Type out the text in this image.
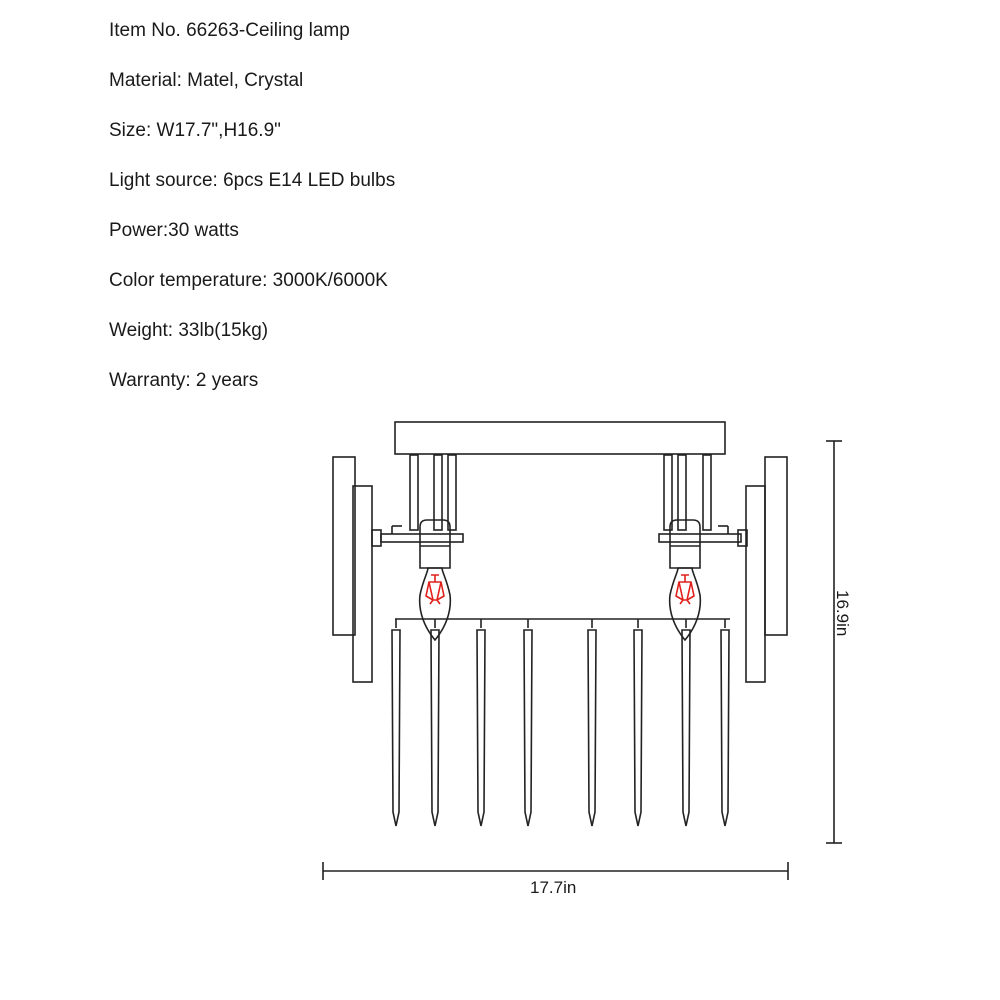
Item No. 66263-Ceiling lamp
Material: Matel, Crystal
Size: W17.7",H16.9"
Light source: 6pcs E14 LED bulbs
Power:30 watts
Color temperature: 3000K/6000K
Weight: 33lb(15kg)
Warranty: 2 years
17.7in
16.9in
